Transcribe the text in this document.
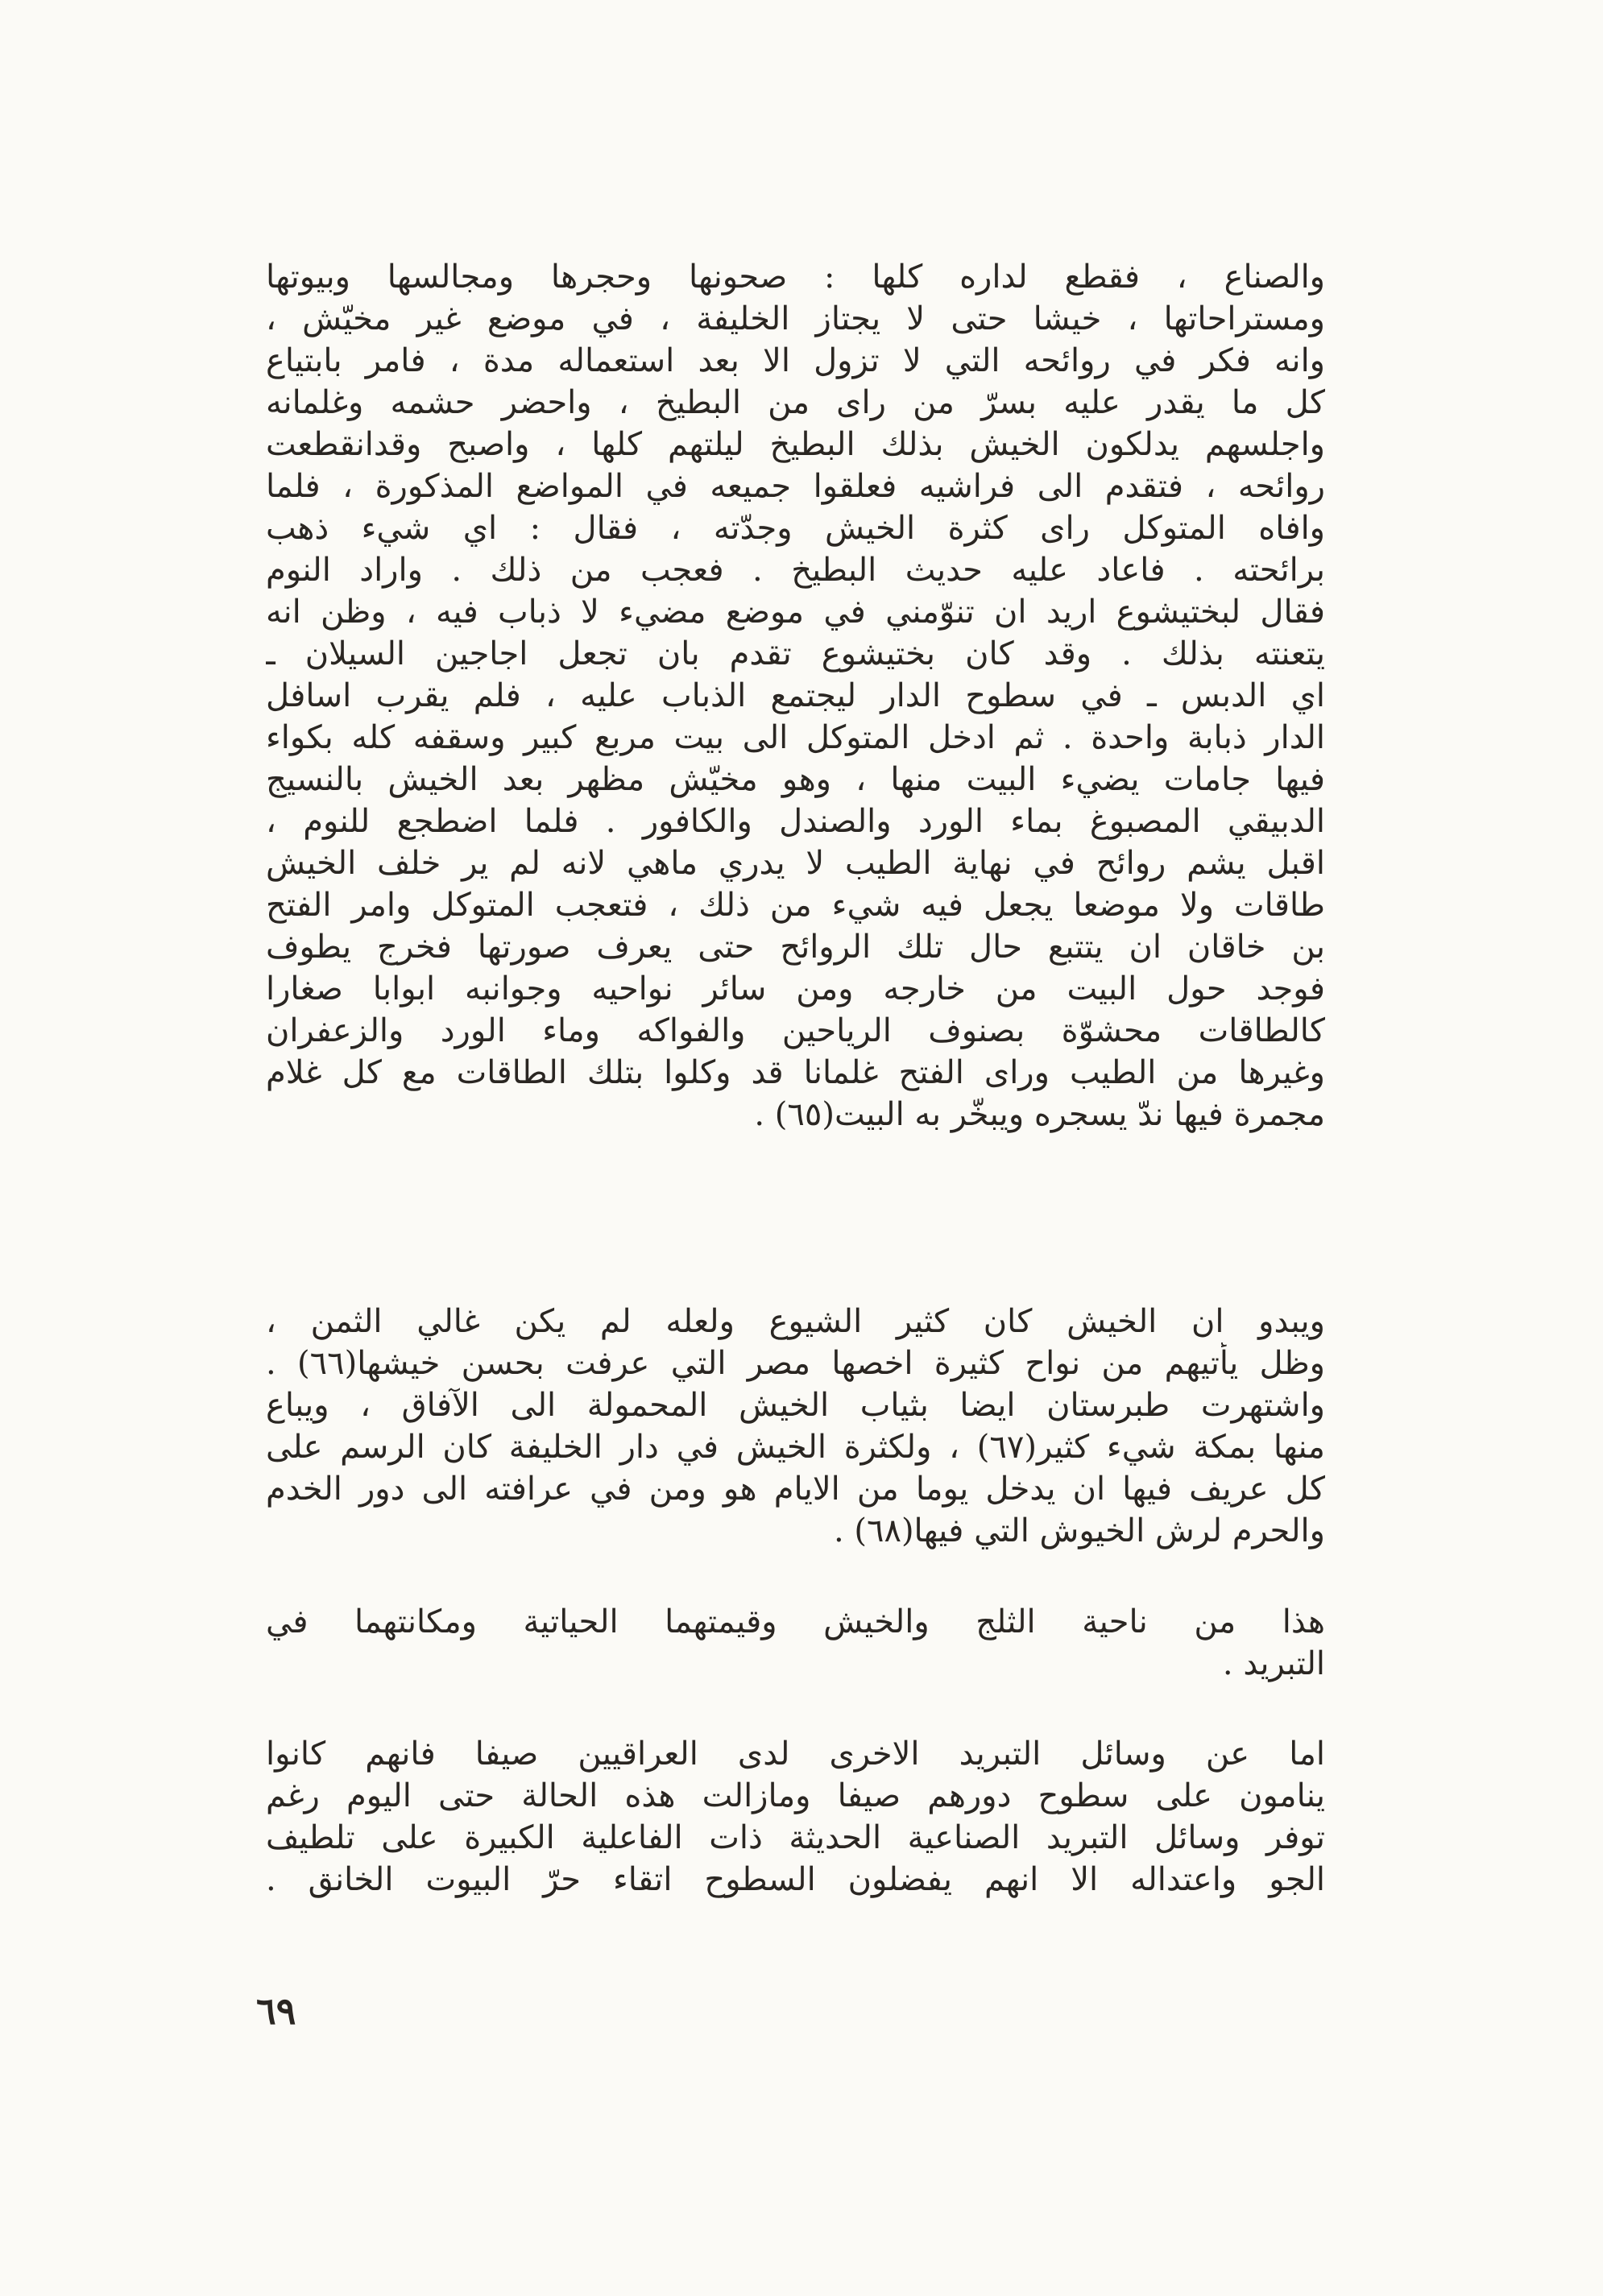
والصناع ، فقطع لداره كلها : صحونها وحجرها ومجالسها وبيوتها
ومستراحاتها ، خيشا حتى لا يجتاز الخليفة ، في موضع غير مخيّش ،
وانه فكر في روائحه التي لا تزول الا بعد استعماله مدة ، فامر بابتياع
كل ما يقدر عليه بسرّ من راى من البطيخ ، واحضر حشمه وغلمانه
واجلسهم يدلكون الخيش بذلك البطيخ ليلتهم كلها ، واصبح وقدانقطعت
روائحه ، فتقدم الى فراشيه فعلقوا جميعه في المواضع المذكورة ، فلما
وافاه المتوكل راى كثرة الخيش وجدّته ، فقال : اي شيء ذهب
برائحته . فاعاد عليه حديث البطيخ . فعجب من ذلك . واراد النوم
فقال لبختيشوع اريد ان تنوّمني في موضع مضيء لا ذباب فيه ، وظن انه
يتعنته بذلك . وقد كان بختيشوع تقدم بان تجعل اجاجين السيلان ـ
اي الدبس ـ في سطوح الدار ليجتمع الذباب عليه ، فلم يقرب اسافل
الدار ذبابة واحدة . ثم ادخل المتوكل الى بيت مربع كبير وسقفه كله بكواء
فيها جامات يضيء البيت منها ، وهو مخيّش مظهر بعد الخيش بالنسيج
الدبيقي المصبوغ بماء الورد والصندل والكافور . فلما اضطجع للنوم ،
اقبل يشم روائح في نهاية الطيب لا يدري ماهي لانه لم ير خلف الخيش
طاقات ولا موضعا يجعل فيه شيء من ذلك ، فتعجب المتوكل وامر الفتح
بن خاقان ان يتتبع حال تلك الروائح حتى يعرف صورتها فخرج يطوف
فوجد حول البيت من خارجه ومن سائر نواحيه وجوانبه ابوابا صغارا
كالطاقات محشوّة بصنوف الرياحين والفواكه وماء الورد والزعفران
وغيرها من الطيب وراى الفتح غلمانا قد وكلوا بتلك الطاقات مع كل غلام
مجمرة فيها ندّ يسجره ويبخّر به البيت(٦٥) .
ويبدو ان الخيش كان كثير الشيوع ولعله لم يكن غالي الثمن ،
وظل يأتيهم من نواح كثيرة اخصها مصر التي عرفت بحسن خيشها(٦٦) .
واشتهرت طبرستان ايضا بثياب الخيش المحمولة الى الآفاق ، ويباع
منها بمكة شيء كثير(٦٧) ، ولكثرة الخيش في دار الخليفة كان الرسم على
كل عريف فيها ان يدخل يوما من الايام هو ومن في عرافته الى دور الخدم
والحرم لرش الخيوش التي فيها(٦٨) .
هذا من ناحية الثلج والخيش وقيمتهما الحياتية ومكانتهما في
التبريد .
اما عن وسائل التبريد الاخرى لدى العراقيين صيفا فانهم كانوا
ينامون على سطوح دورهم صيفا ومازالت هذه الحالة حتى اليوم رغم
توفر وسائل التبريد الصناعية الحديثة ذات الفاعلية الكبيرة على تلطيف
الجو واعتداله الا انهم يفضلون السطوح اتقاء حرّ البيوت الخانق .
٦٩
